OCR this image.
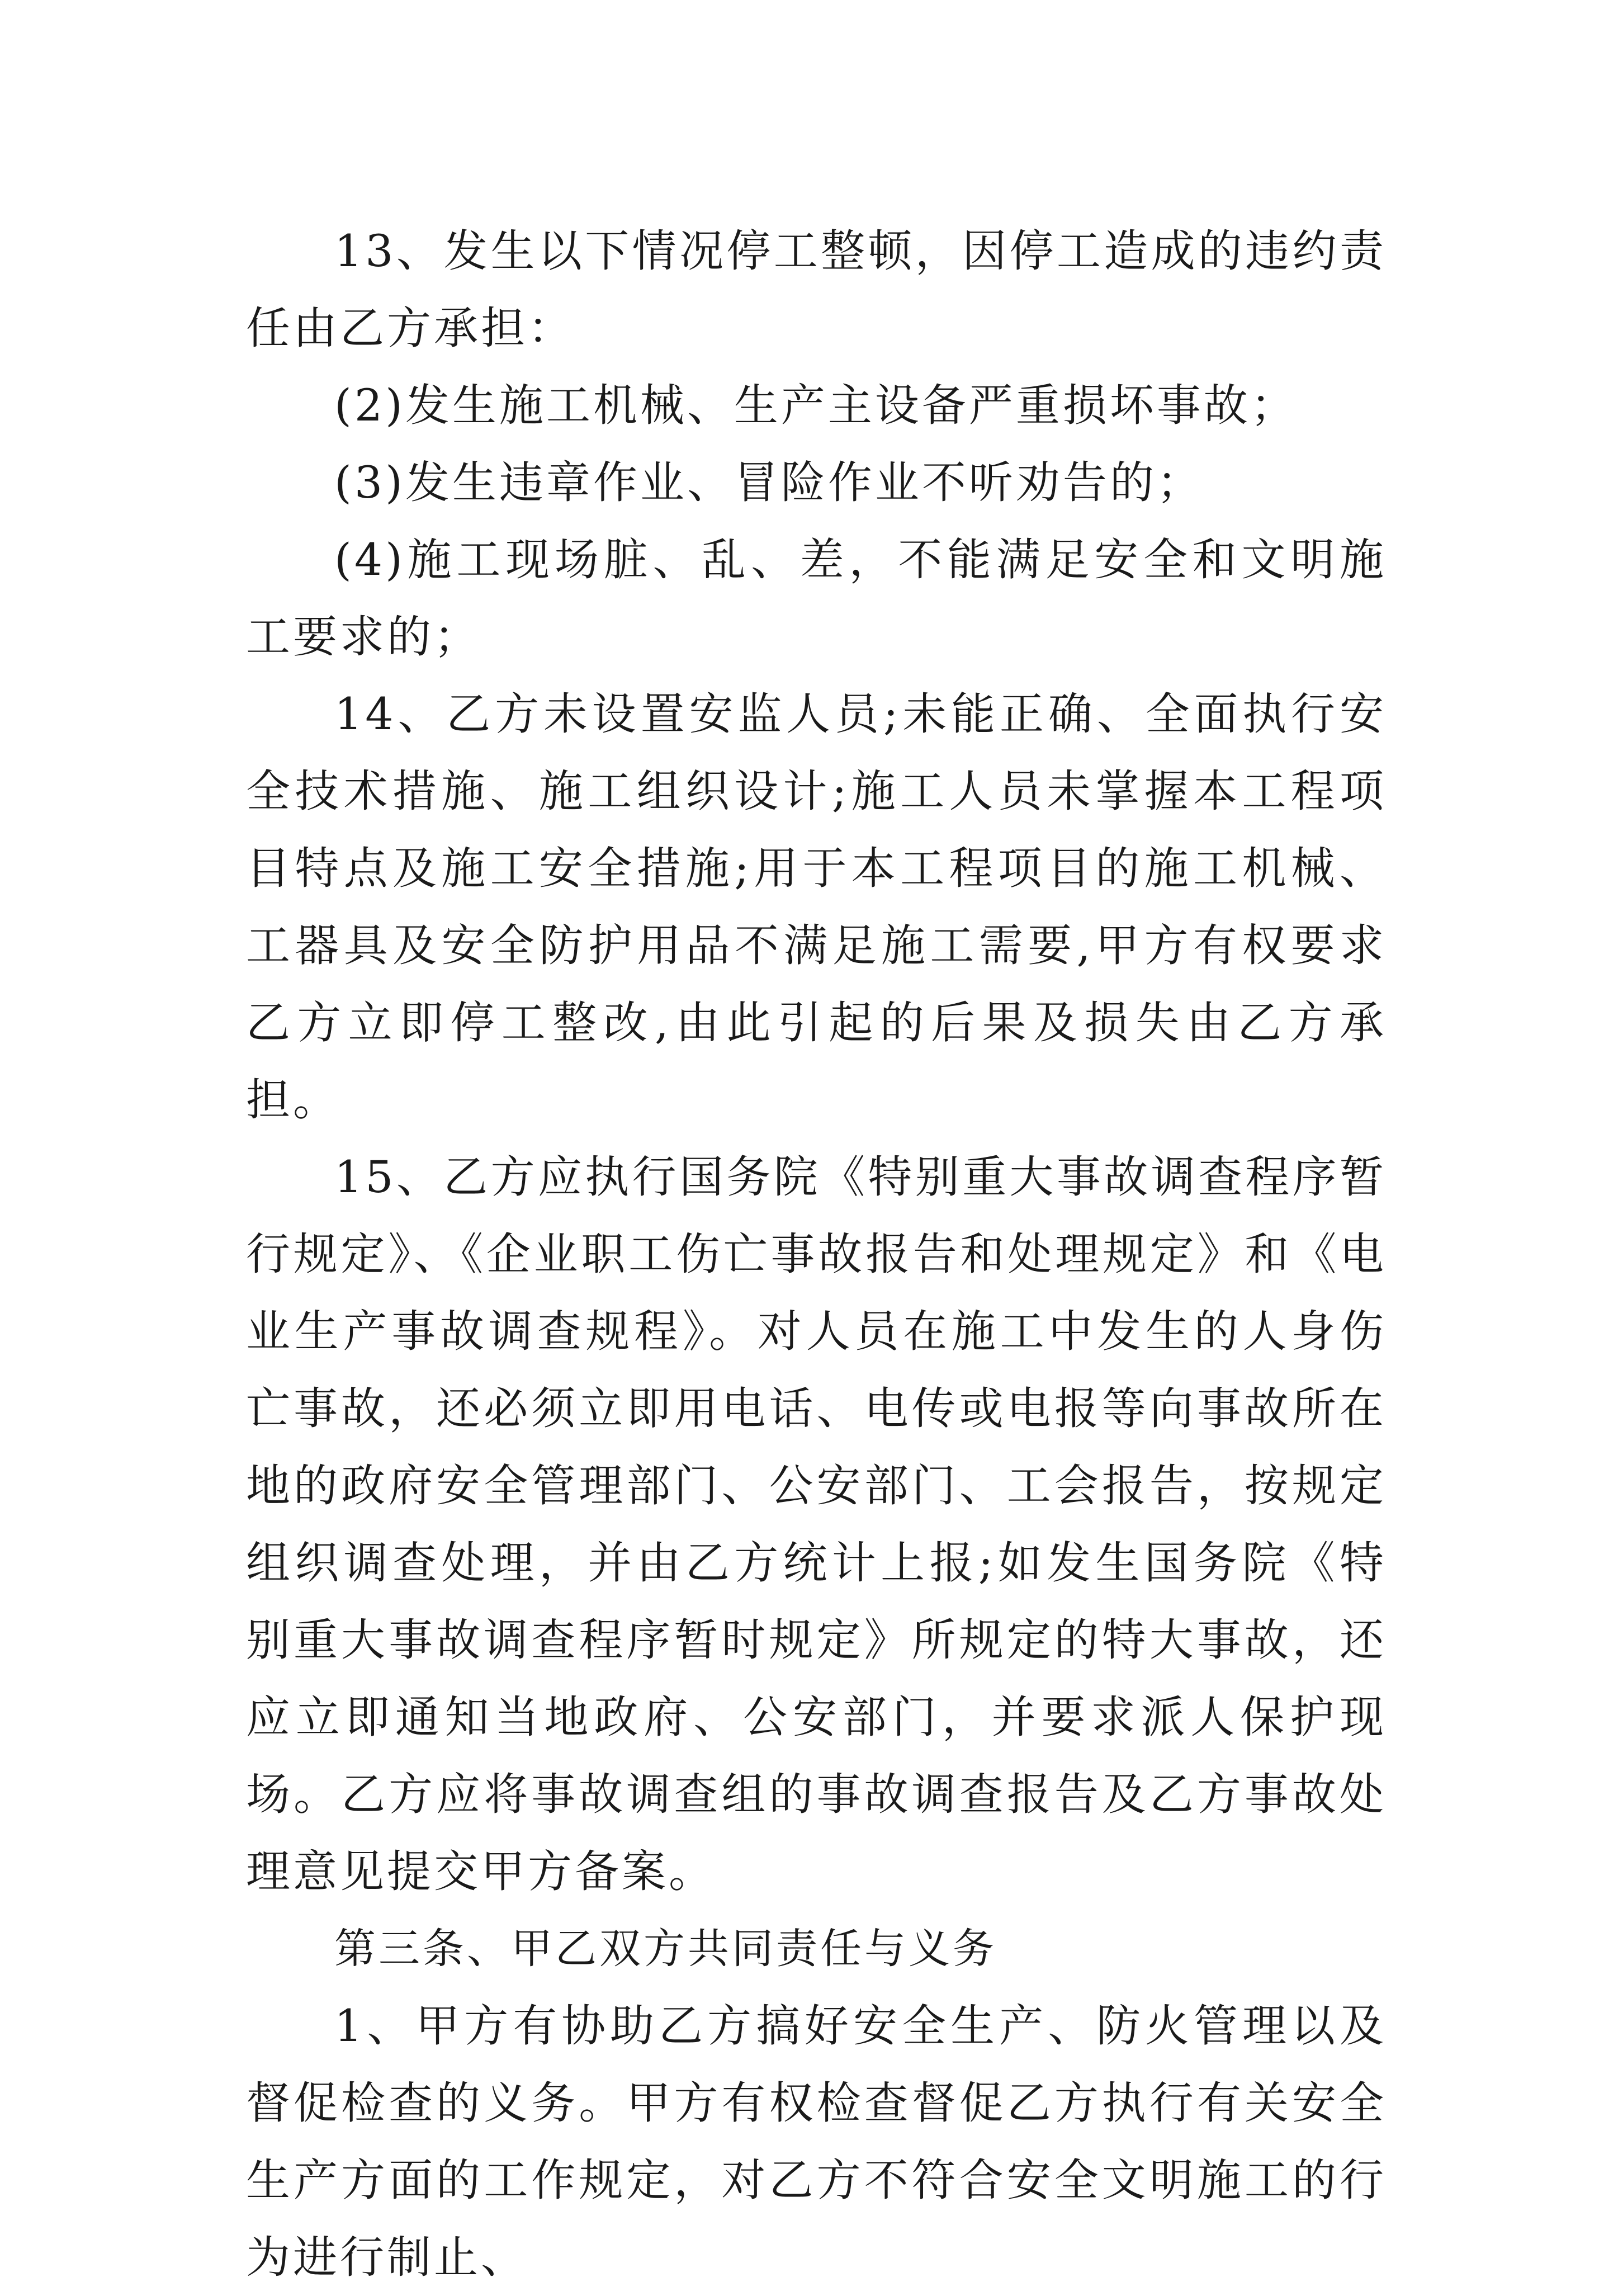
13、发生以下情况停工整顿，因停工造成的违约责任由乙方承担：

(2)发生施工机械、生产主设备严重损坏事故；

(3)发生违章作业、冒险作业不听劝告的；

(4)施工现场脏、乱、差，不能满足安全和文明施工要求的；

14、乙方未设置安监人员;未能正确、全面执行安全技术措施、施工组织设计;施工人员未掌握本工程项目特点及施工安全措施;用于本工程项目的施工机械、工器具及安全防护用品不满足施工需要,甲方有权要求乙方立即停工整改,由此引起的后果及损失由乙方承担。

15、乙方应执行国务院《特别重大事故调查程序暂行规定》、《企业职工伤亡事故报告和处理规定》和《电业生产事故调查规程》。对人员在施工中发生的人身伤亡事故，还必须立即用电话、电传或电报等向事故所在地的政府安全管理部门、公安部门、工会报告，按规定组织调查处理，并由乙方统计上报;如发生国务院《特别重大事故调查程序暂时规定》所规定的特大事故，还应立即通知当地政府、公安部门，并要求派人保护现场。乙方应将事故调查组的事故调查报告及乙方事故处理意见提交甲方备案。

第三条、甲乙双方共同责任与义务

1、甲方有协助乙方搞好安全生产、防火管理以及督促检查的义务。甲方有权检查督促乙方执行有关安全生产方面的工作规定，对乙方不符合安全文明施工的行为进行制止、
